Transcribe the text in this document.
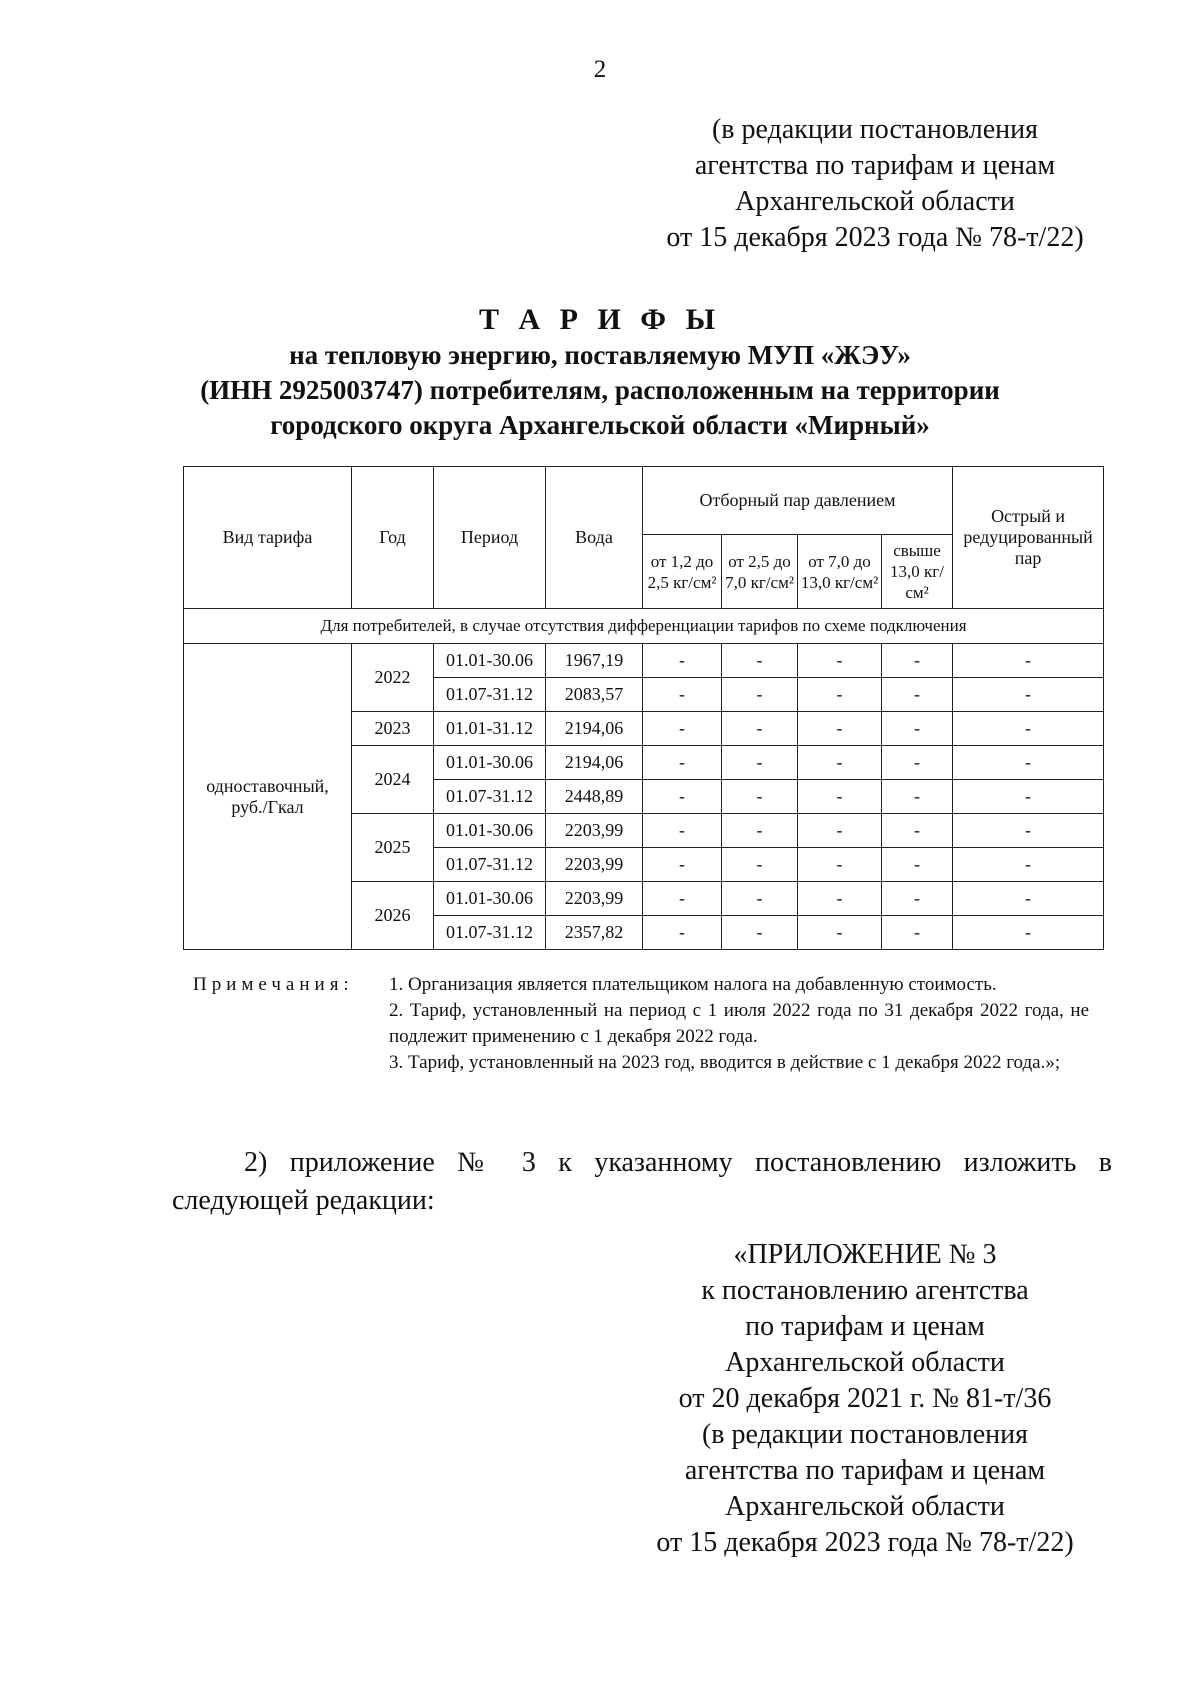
2
(в редакции постановления
агентства по тарифам и ценам
Архангельской области
от 15 декабря 2023 года № 78-т/22)
Т А Р И Ф Ы
на тепловую энергию, поставляемую МУП «ЖЭУ»
(ИНН 2925003747) потребителям, расположенным на территории
городского округа Архангельской области «Мирный»
Вид тарифа	Год	Период	Вода	Отборный пар давлением				Острый и редуцированный пар
				от 1,2 до 2,5 кг/см²	от 2,5 до 7,0 кг/см²	от 7,0 до 13,0 кг/см²	свыше 13,0 кг/см²	
Для потребителей, в случае отсутствия дифференциации тарифов по схеме подключения								
одноставочный, руб./Гкал	2022	01.01-30.06	1967,19	-	-	-	-	-
		01.07-31.12	2083,57	-	-	-	-	-
	2023	01.01-31.12	2194,06	-	-	-	-	-
	2024	01.01-30.06	2194,06	-	-	-	-	-
		01.07-31.12	2448,89	-	-	-	-	-
	2025	01.01-30.06	2203,99	-	-	-	-	-
		01.07-31.12	2203,99	-	-	-	-	-
	2026	01.01-30.06	2203,99	-	-	-	-	-
		01.07-31.12	2357,82	-	-	-	-	-
Примечания: 1. Организация является плательщиком налога на добавленную стоимость.
2. Тариф, установленный на период с 1 июля 2022 года по 31 декабря 2022 года, не подлежит применению с 1 декабря 2022 года.
3. Тариф, установленный на 2023 год, вводится в действие с 1 декабря 2022 года.»;
2) приложение № 3 к указанному постановлению изложить в следующей редакции:
«ПРИЛОЖЕНИЕ № 3
к постановлению агентства
по тарифам и ценам
Архангельской области
от 20 декабря 2021 г. № 81-т/36
(в редакции постановления
агентства по тарифам и ценам
Архангельской области
от 15 декабря 2023 года № 78-т/22)
